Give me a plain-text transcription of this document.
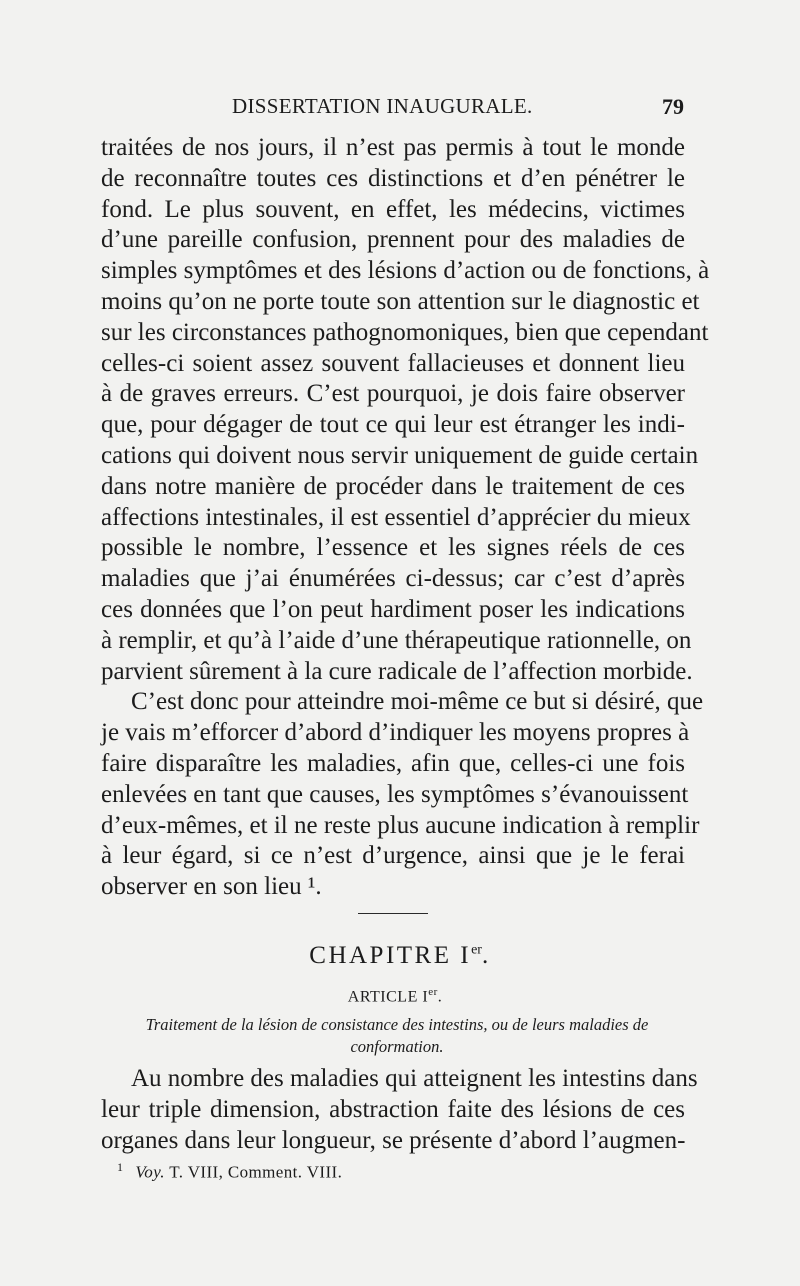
DISSERTATION INAUGURALE.	79
traitées de nos jours, il n’est pas permis à tout le monde
de reconnaître toutes ces distinctions et d’en pénétrer le
fond. Le plus souvent, en effet, les médecins, victimes
d’une pareille confusion, prennent pour des maladies de
simples symptômes et des lésions d’action ou de fonctions, à
moins qu’on ne porte toute son attention sur le diagnostic et
sur les circonstances pathognomoniques, bien que cependant
celles-ci soient assez souvent fallacieuses et donnent lieu
à de graves erreurs. C’est pourquoi, je dois faire observer
que, pour dégager de tout ce qui leur est étranger les indi-
cations qui doivent nous servir uniquement de guide certain
dans notre manière de procéder dans le traitement de ces
affections intestinales, il est essentiel d’apprécier du mieux
possible le nombre, l’essence et les signes réels de ces
maladies que j’ai énumérées ci-dessus; car c’est d’après
ces données que l’on peut hardiment poser les indications
à remplir, et qu’à l’aide d’une thérapeutique rationnelle, on
parvient sûrement à la cure radicale de l’affection morbide.
C’est donc pour atteindre moi-même ce but si désiré, que
je vais m’efforcer d’abord d’indiquer les moyens propres à
faire disparaître les maladies, afin que, celles-ci une fois
enlevées en tant que causes, les symptômes s’évanouissent
d’eux-mêmes, et il ne reste plus aucune indication à remplir
à leur égard, si ce n’est d’urgence, ainsi que je le ferai
observer en son lieu ¹.
CHAPITRE Ier.
ARTICLE Ier.
Traitement de la lésion de consistance des intestins, ou de leurs maladies de conformation.
Au nombre des maladies qui atteignent les intestins dans
leur triple dimension, abstraction faite des lésions de ces
organes dans leur longueur, se présente d’abord l’augmen-
$^1$ Voy. T. VIII, Comment. VIII.
